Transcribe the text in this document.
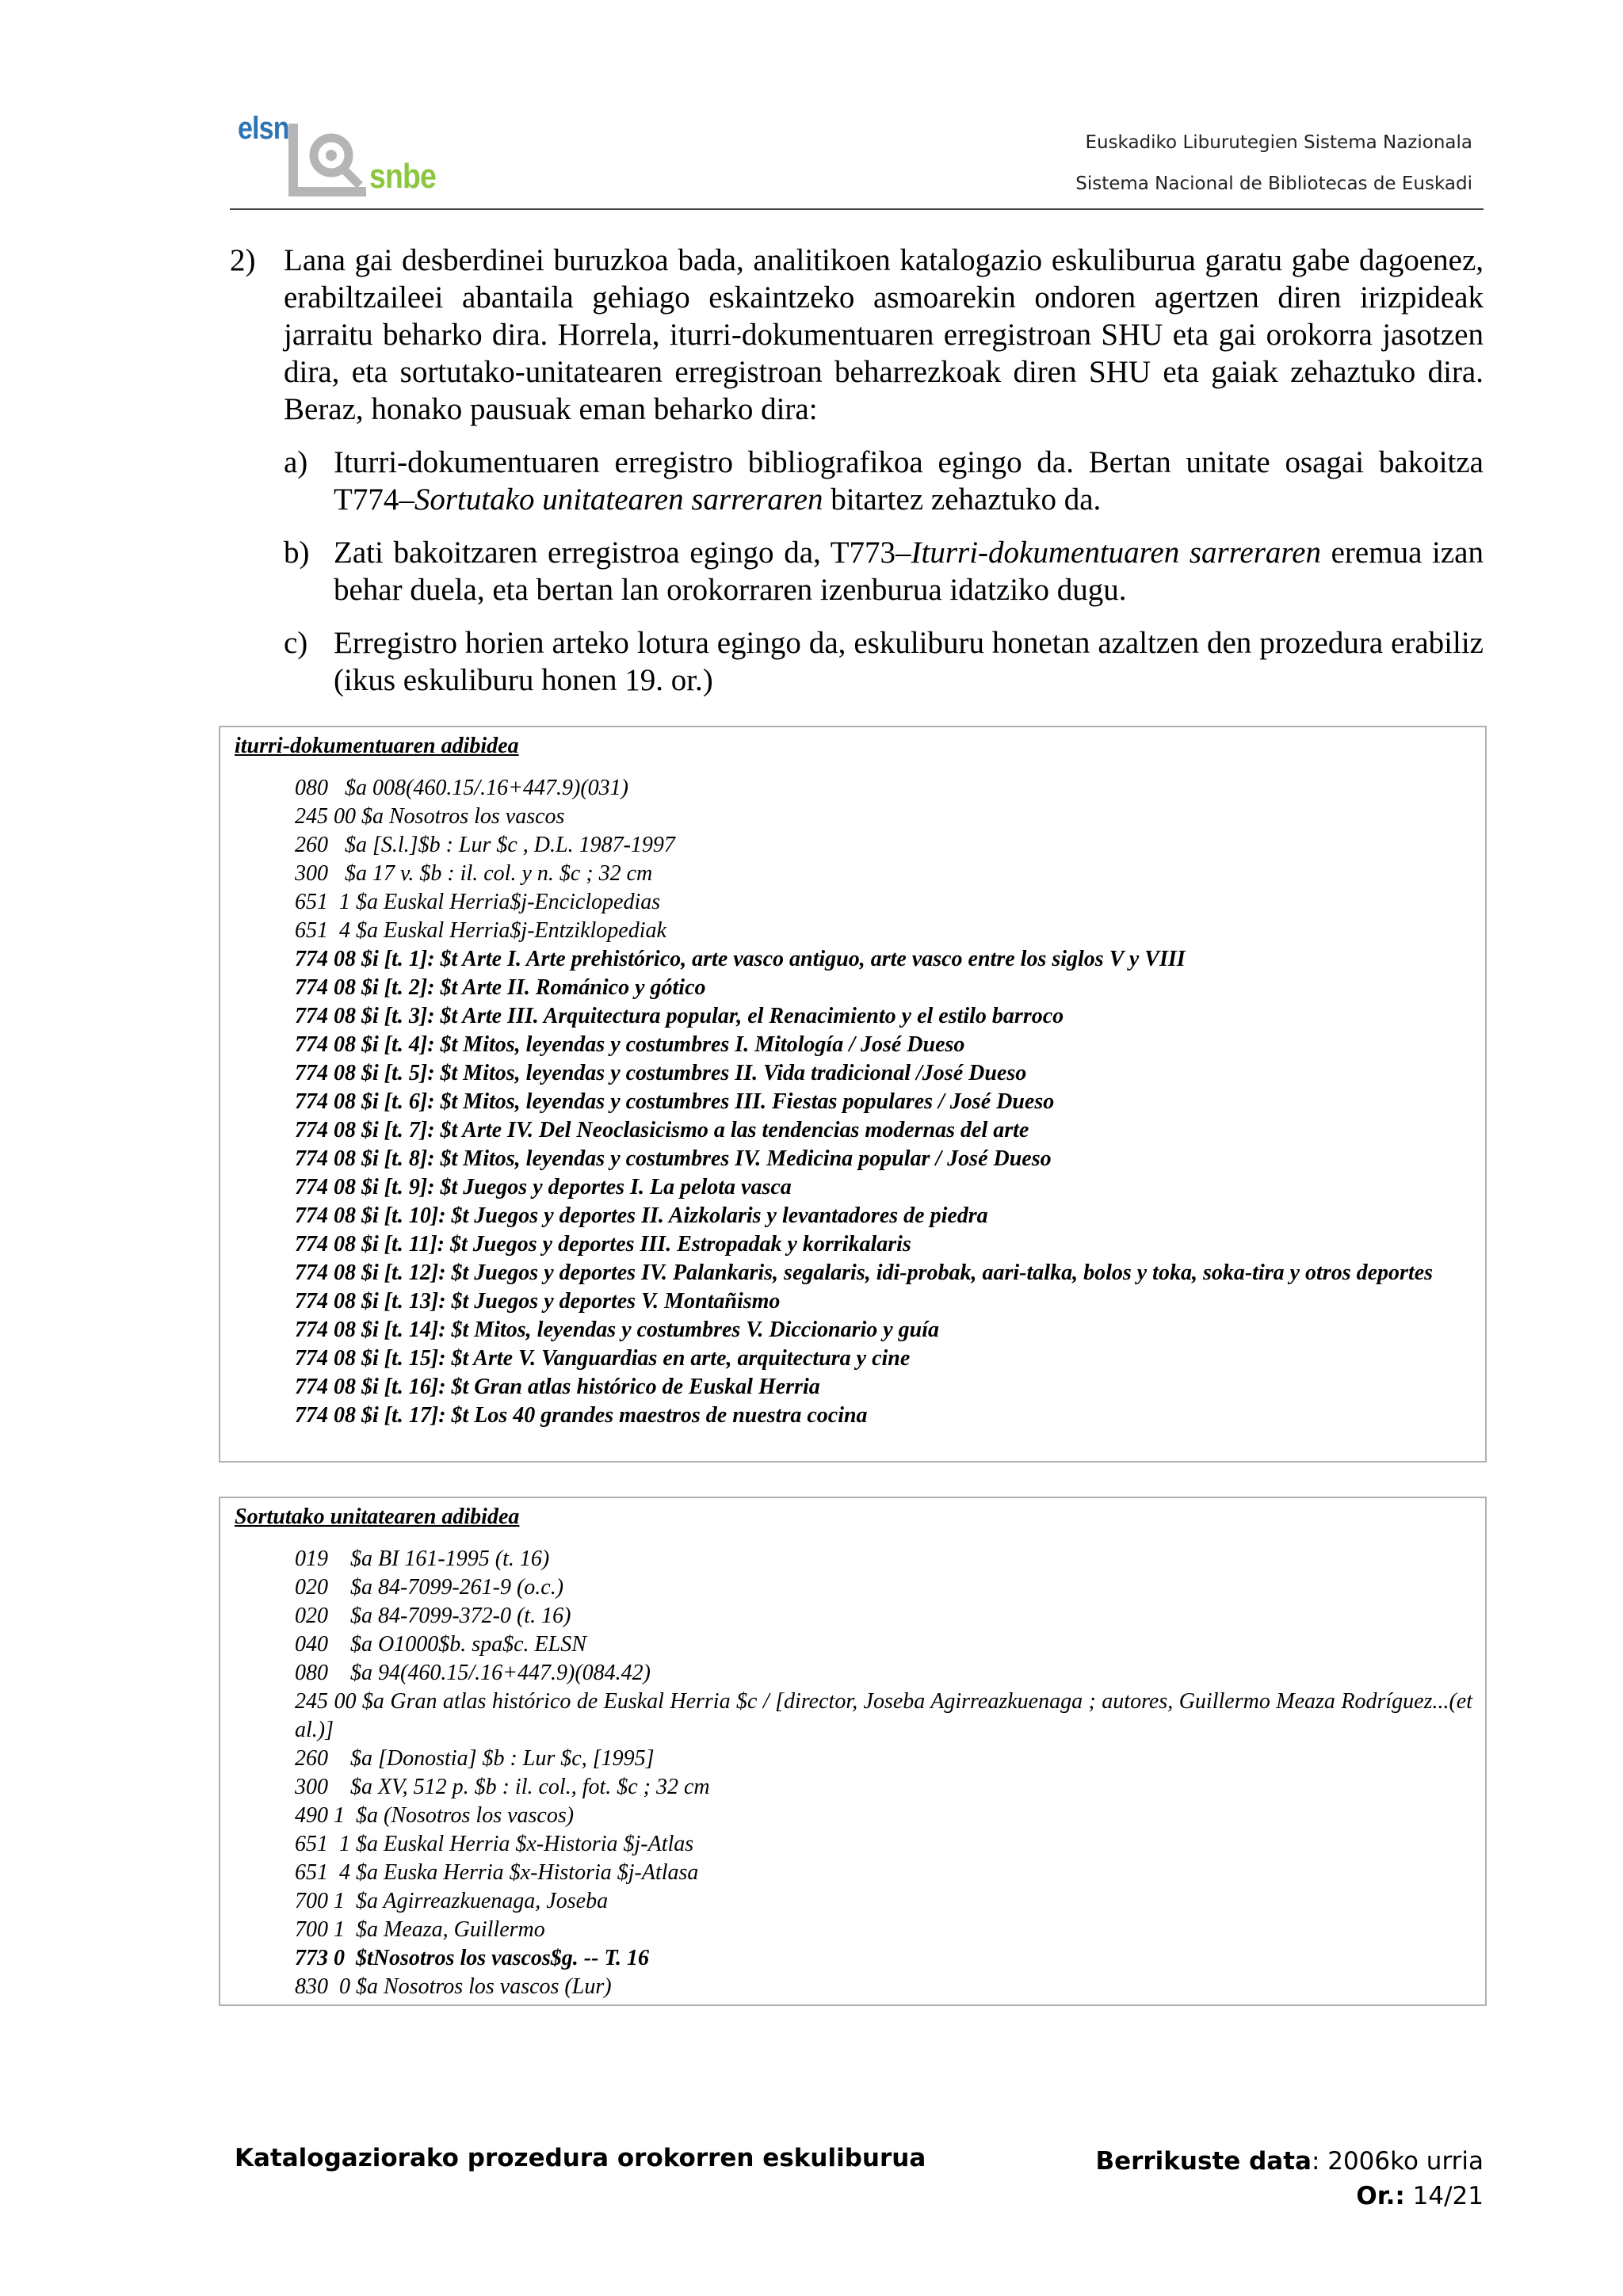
elsn
snbe
Euskadiko Liburutegien Sistema Nazionala
Sistema Nacional de Bibliotecas de Euskadi
2) Lana gai desberdinei buruzkoa bada, analitikoen katalogazio eskuliburua garatu gabe dagoenez, erabiltzaileei abantaila gehiago eskaintzeko asmoarekin ondoren agertzen diren irizpideak jarraitu beharko dira. Horrela, iturri-dokumentuaren erregistroan SHU eta gai orokorra jasotzen dira, eta sortutako-unitatearen erregistroan beharrezkoak diren SHU eta gaiak zehaztuko dira. Beraz, honako pausuak eman beharko dira:
a) Iturri-dokumentuaren erregistro bibliografikoa egingo da. Bertan unitate osagai bakoitza T774–Sortutako unitatearen sarreraren bitartez zehaztuko da.
b) Zati bakoitzaren erregistroa egingo da, T773–Iturri-dokumentuaren sarreraren eremua izan behar duela, eta bertan lan orokorraren izenburua idatziko dugu.
c) Erregistro horien arteko lotura egingo da, eskuliburu honetan azaltzen den prozedura erabiliz (ikus eskuliburu honen 19. or.)
iturri-dokumentuaren adibidea
080   $a 008(460.15/.16+447.9)(031)
245 00 $a Nosotros los vascos
260   $a [S.l.]$b : Lur $c , D.L. 1987-1997
300   $a 17 v. $b : il. col. y n. $c ; 32 cm
651  1 $a Euskal Herria$j-Enciclopedias
651  4 $a Euskal Herria$j-Entziklopediak
774 08 $i [t. 1]: $t Arte I. Arte prehistórico, arte vasco antiguo, arte vasco entre los siglos V y VIII
774 08 $i [t. 2]: $t Arte II. Románico y gótico
774 08 $i [t. 3]: $t Arte III. Arquitectura popular, el Renacimiento y el estilo barroco
774 08 $i [t. 4]: $t Mitos, leyendas y costumbres I. Mitología / José Dueso
774 08 $i [t. 5]: $t Mitos, leyendas y costumbres II. Vida tradicional /José Dueso
774 08 $i [t. 6]: $t Mitos, leyendas y costumbres III. Fiestas populares / José Dueso
774 08 $i [t. 7]: $t Arte IV. Del Neoclasicismo a las tendencias modernas del arte
774 08 $i [t. 8]: $t Mitos, leyendas y costumbres IV. Medicina popular / José Dueso
774 08 $i [t. 9]: $t Juegos y deportes I. La pelota vasca
774 08 $i [t. 10]: $t Juegos y deportes II. Aizkolaris y levantadores de piedra
774 08 $i [t. 11]: $t Juegos y deportes III. Estropadak y korrikalaris
774 08 $i [t. 12]: $t Juegos y deportes IV. Palankaris, segalaris, idi-probak, aari-talka, bolos y toka, soka-tira y otros deportes
774 08 $i [t. 13]: $t Juegos y deportes V. Montañismo
774 08 $i [t. 14]: $t Mitos, leyendas y costumbres V. Diccionario y guía
774 08 $i [t. 15]: $t Arte V. Vanguardias en arte, arquitectura y cine
774 08 $i [t. 16]: $t Gran atlas histórico de Euskal Herria
774 08 $i [t. 17]: $t Los 40 grandes maestros de nuestra cocina
Sortutako unitatearen adibidea
019    $a BI 161-1995 (t. 16)
020    $a 84-7099-261-9 (o.c.)
020    $a 84-7099-372-0 (t. 16)
040    $a O1000$b. spa$c. ELSN
080    $a 94(460.15/.16+447.9)(084.42)
245 00 $a Gran atlas histórico de Euskal Herria $c / [director, Joseba Agirreazkuenaga ; autores, Guillermo Meaza Rodríguez...(et al.)]
260    $a [Donostia] $b : Lur $c, [1995]
300    $a XV, 512 p. $b : il. col., fot. $c ; 32 cm
490 1  $a (Nosotros los vascos)
651  1 $a Euskal Herria $x-Historia $j-Atlas
651  4 $a Euska Herria $x-Historia $j-Atlasa
700 1  $a Agirreazkuenaga, Joseba
700 1  $a Meaza, Guillermo
773 0  $tNosotros los vascos$g. -- T. 16
830  0 $a Nosotros los vascos (Lur)
Katalogaziorako prozedura orokorren eskuliburua	Berrikuste data: 2006ko urria
Or.: 14/21
